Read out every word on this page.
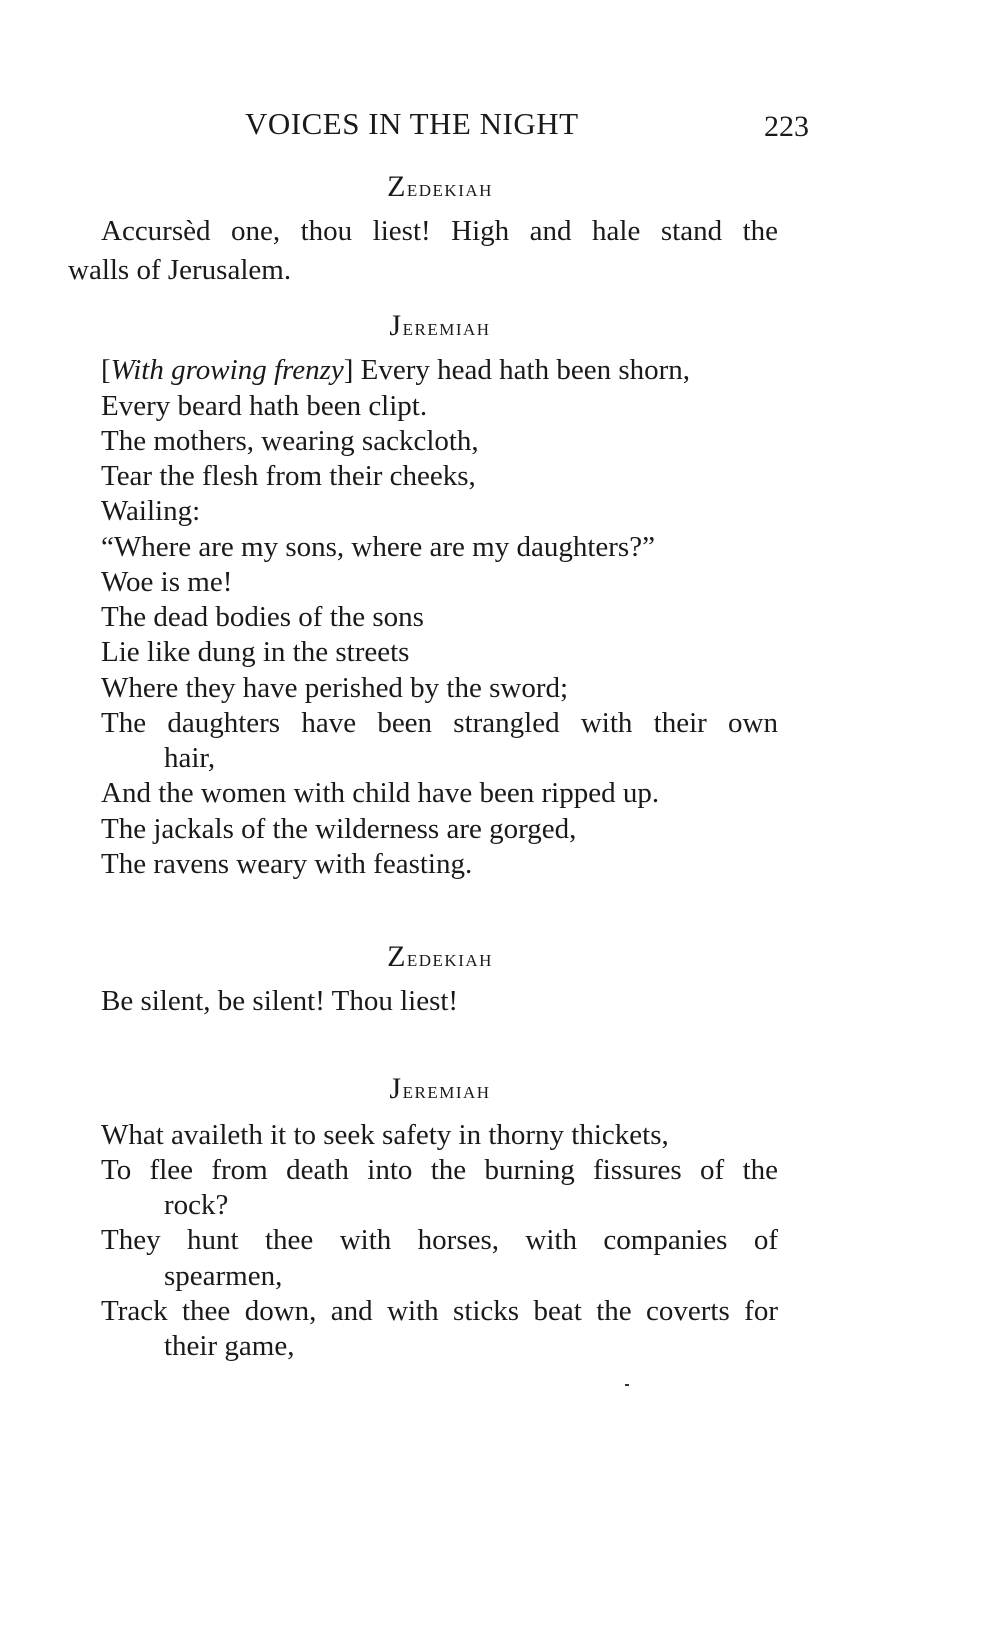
VOICES IN THE NIGHT	223
Zedekiah
Accursèd one, thou liest! High and hale stand the
walls of Jerusalem.
Jeremiah
[With growing frenzy] Every head hath been shorn,
Every beard hath been clipt.
The mothers, wearing sackcloth,
Tear the flesh from their cheeks,
Wailing:
“Where are my sons, where are my daughters?”
Woe is me!
The dead bodies of the sons
Lie like dung in the streets
Where they have perished by the sword;
The daughters have been strangled with their own
hair,
And the women with child have been ripped up.
The jackals of the wilderness are gorged,
The ravens weary with feasting.
Zedekiah
Be silent, be silent! Thou liest!
Jeremiah
What availeth it to seek safety in thorny thickets,
To flee from death into the burning fissures of the
rock?
They hunt thee with horses, with companies of
spearmen,
Track thee down, and with sticks beat the coverts for
their game,
